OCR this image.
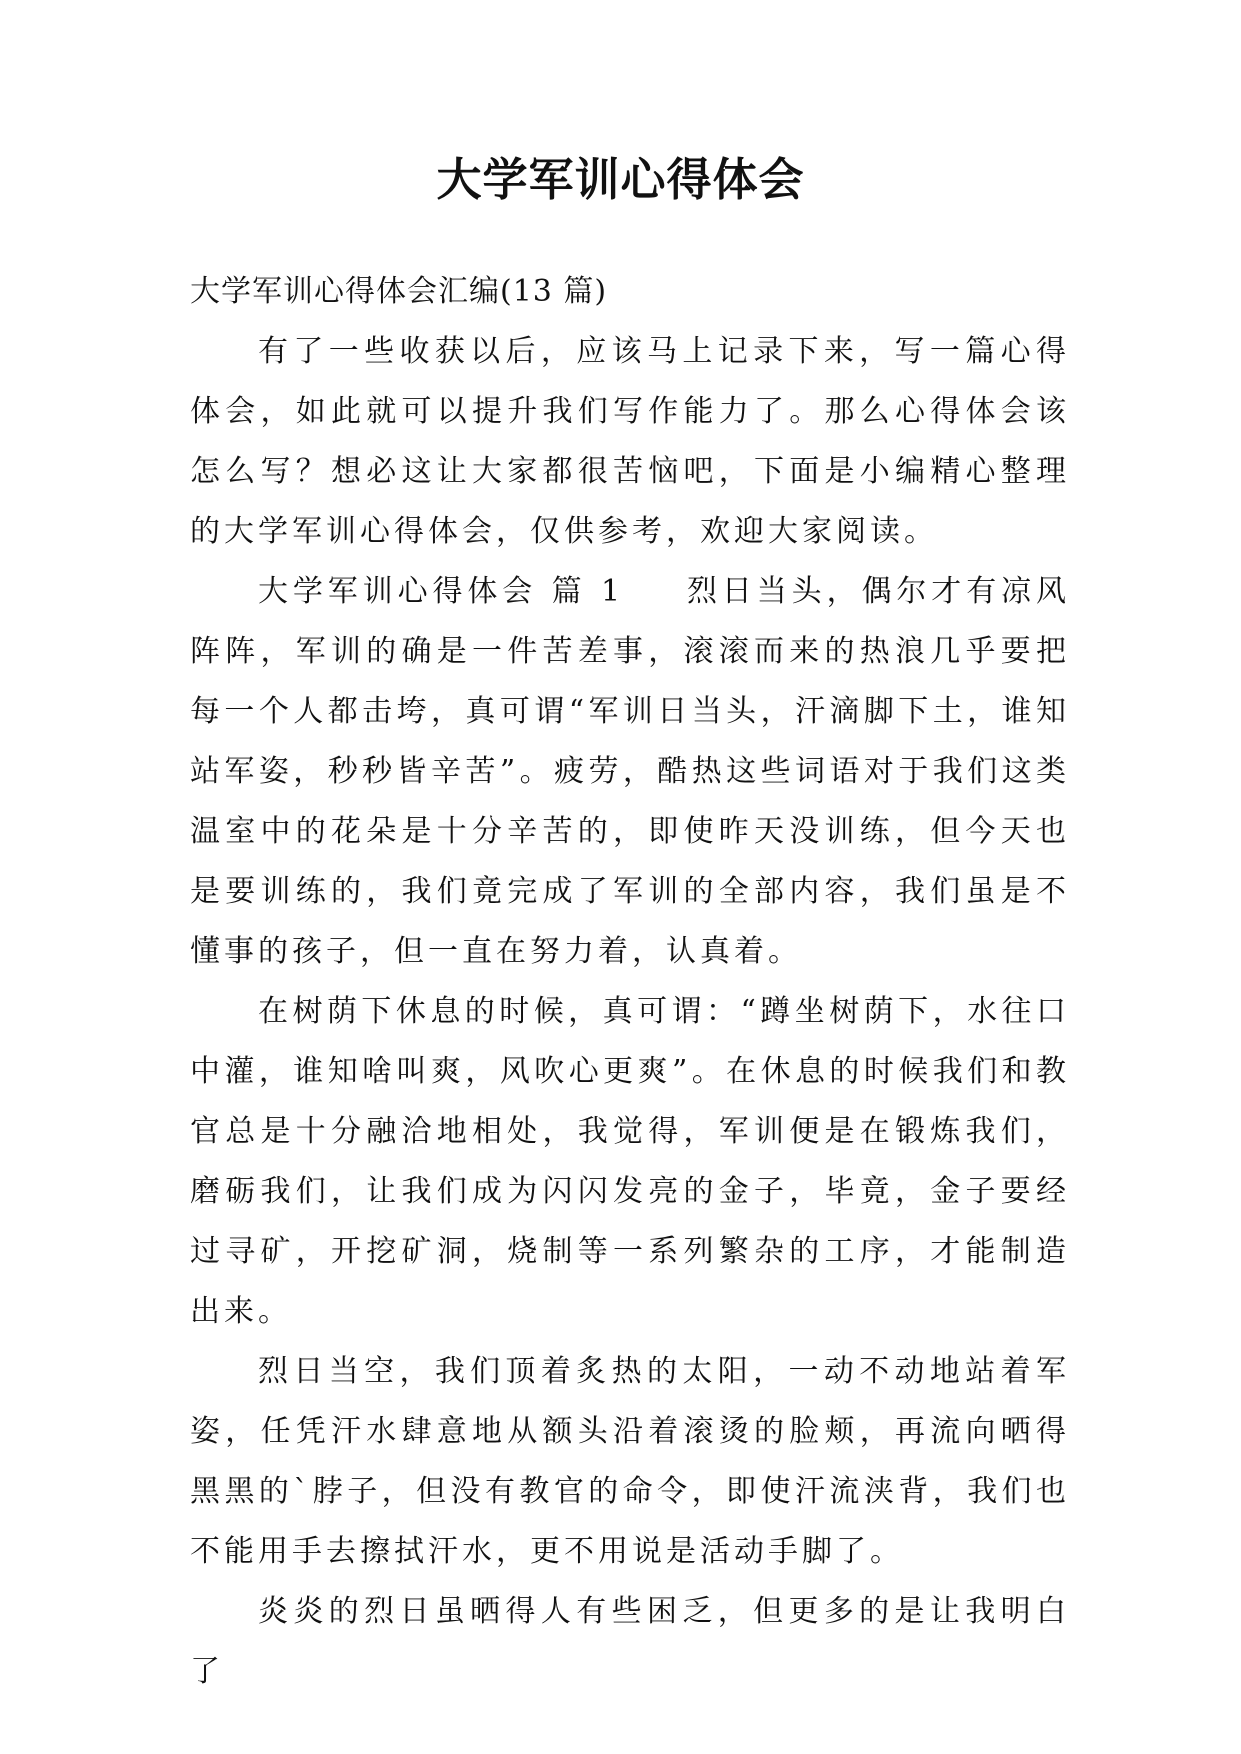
大学军训心得体会

大学军训心得体会汇编(13 篇)

有了一些收获以后，应该马上记录下来，写一篇心得体会，如此就可以提升我们写作能力了。那么心得体会该怎么写？想必这让大家都很苦恼吧，下面是小编精心整理的大学军训心得体会，仅供参考，欢迎大家阅读。

大学军训心得体会 篇 1 烈日当头，偶尔才有凉风阵阵，军训的确是一件苦差事，滚滚而来的热浪几乎要把每一个人都击垮，真可谓“军训日当头，汗滴脚下土，谁知站军姿，秒秒皆辛苦”。疲劳，酷热这些词语对于我们这类温室中的花朵是十分辛苦的，即使昨天没训练，但今天也是要训练的，我们竟完成了军训的全部内容，我们虽是不懂事的孩子，但一直在努力着，认真着。

在树荫下休息的时候，真可谓：“蹲坐树荫下，水往口中灌，谁知啥叫爽，风吹心更爽”。在休息的时候我们和教官总是十分融洽地相处，我觉得，军训便是在锻炼我们，磨砺我们，让我们成为闪闪发亮的金子，毕竟，金子要经过寻矿，开挖矿洞，烧制等一系列繁杂的工序，才能制造出来。

烈日当空，我们顶着炙热的太阳，一动不动地站着军姿，任凭汗水肆意地从额头沿着滚烫的脸颊，再流向晒得黑黑的`脖子，但没有教官的命令，即使汗流浃背，我们也不能用手去擦拭汗水，更不用说是活动手脚了。

炎炎的烈日虽晒得人有些困乏，但更多的是让我明白了
